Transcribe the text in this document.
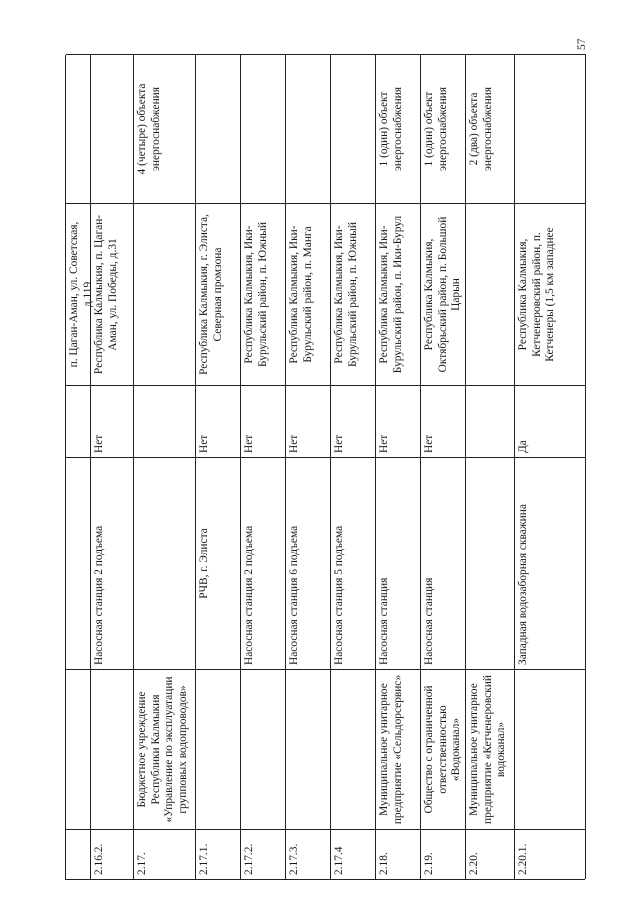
п. Цаган-Аман, ул. Советская, д.119
2.16.2.
Насосная станция 2 подъема
Нет
Республика Калмыкия, п. Цаган-Аман, ул. Победы, д.31
2.17.
Бюджетное учреждение Республики Калмыкия «Управление по эксплуатации групповых водопроводов»
4 (четыре) объекта энергоснабжения
2.17.1.
РЧВ, г. Элиста
Нет
Республика Калмыкия, г. Элиста, Северная промзона
2.17.2.
Насосная станция 2 подъема
Нет
Республика Калмыкия, Ики-Бурульский район, п. Южный
2.17.3.
Насосная станция 6 подъема
Нет
Республика Калмыкия, Ики-Бурульский район, п. Манга
2.17.4
Насосная станция 5 подъема
Нет
Республика Калмыкия, Ики-Бурульский район, п. Южный
2.18.
Муниципальное унитарное предприятие «Сельдорсервис»
Насосная станция
Нет
Республика Калмыкия, Ики-Бурульский район, п. Ики-Бурул
1 (один) объект энергоснабжения
2.19.
Общество с ограниченной ответственностью «Водоканал»
Насосная станция
Нет
Республика Калмыкия, Октябрьский район, п. Большой Царын
1 (один) объект энергоснабжения
2.20.
Муниципальное унитарное предприятие «Кетченеровский водоканал»
2 (два) объекта энергоснабжения
2.20.1.
Западная водозаборная скважина
Да
Республика Калмыкия, Кетченеровский район, п. Кетченеры (1,5 км западнее
57
